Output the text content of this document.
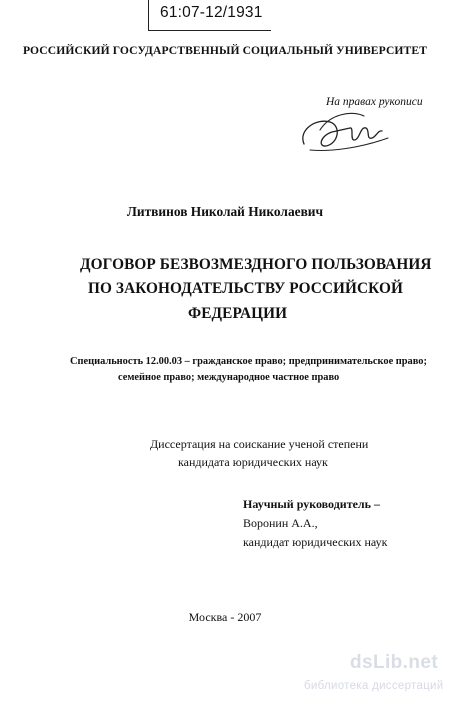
61:07-12/1931
РОССИЙСКИЙ ГОСУДАРСТВЕННЫЙ СОЦИАЛЬНЫЙ УНИВЕРСИТЕТ
На правах рукописи
Литвинов Николай Николаевич
ДОГОВОР БЕЗВОЗМЕЗДНОГО ПОЛЬЗОВАНИЯ
ПО ЗАКОНОДАТЕЛЬСТВУ РОССИЙСКОЙ
ФЕДЕРАЦИИ
Специальность 12.00.03 – гражданское право; предпринимательское право;
семейное право; международное частное право
Диссертация на соискание ученой степени
кандидата юридических наук
Научный руководитель –
Воронин А.А.,
кандидат юридических наук
Москва - 2007
dsLib.net
библиотека диссертаций
